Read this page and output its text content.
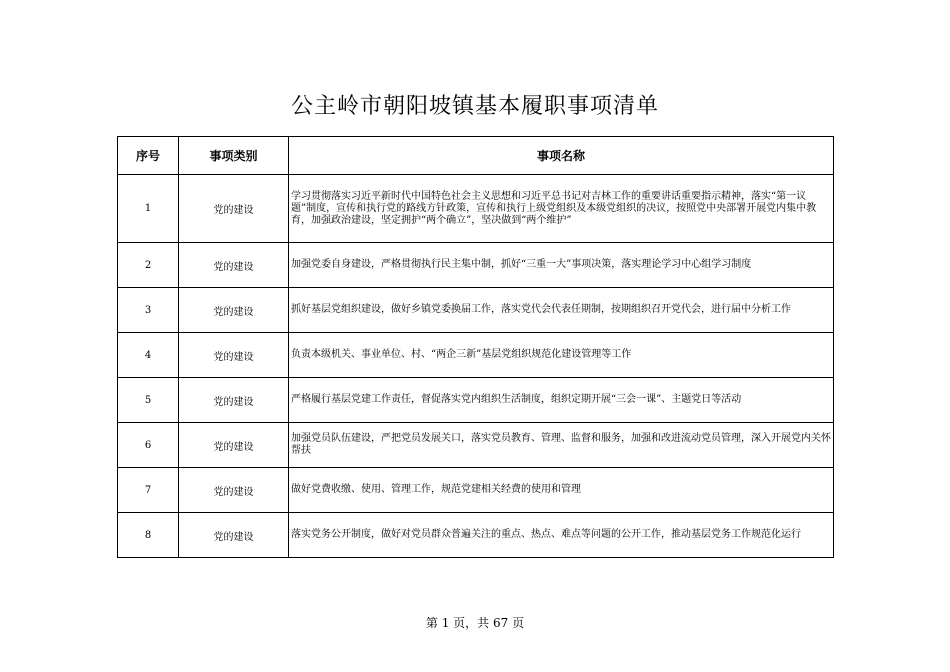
公主岭市朝阳坡镇基本履职事项清单
序号	事项类别	事项名称
1	党的建设	学习贯彻落实习近平新时代中国特色社会主义思想和习近平总书记对吉林工作的重要讲话重要指示精神，落实“第一议题”制度，宣传和执行党的路线方针政策，宣传和执行上级党组织及本级党组织的决议，按照党中央部署开展党内集中教育，加强政治建设，坚定拥护“两个确立”，坚决做到“两个维护”
2	党的建设	加强党委自身建设，严格贯彻执行民主集中制，抓好“三重一大”事项决策，落实理论学习中心组学习制度
3	党的建设	抓好基层党组织建设，做好乡镇党委换届工作，落实党代会代表任期制，按期组织召开党代会，进行届中分析工作
4	党的建设	负责本级机关、事业单位、村、“两企三新”基层党组织规范化建设管理等工作
5	党的建设	严格履行基层党建工作责任，督促落实党内组织生活制度，组织定期开展“三会一课”、主题党日等活动
6	党的建设	加强党员队伍建设，严把党员发展关口，落实党员教育、管理、监督和服务，加强和改进流动党员管理，深入开展党内关怀帮扶
7	党的建设	做好党费收缴、使用、管理工作，规范党建相关经费的使用和管理
8	党的建设	落实党务公开制度，做好对党员群众普遍关注的重点、热点、难点等问题的公开工作，推动基层党务工作规范化运行
第 1 页，共 67 页
